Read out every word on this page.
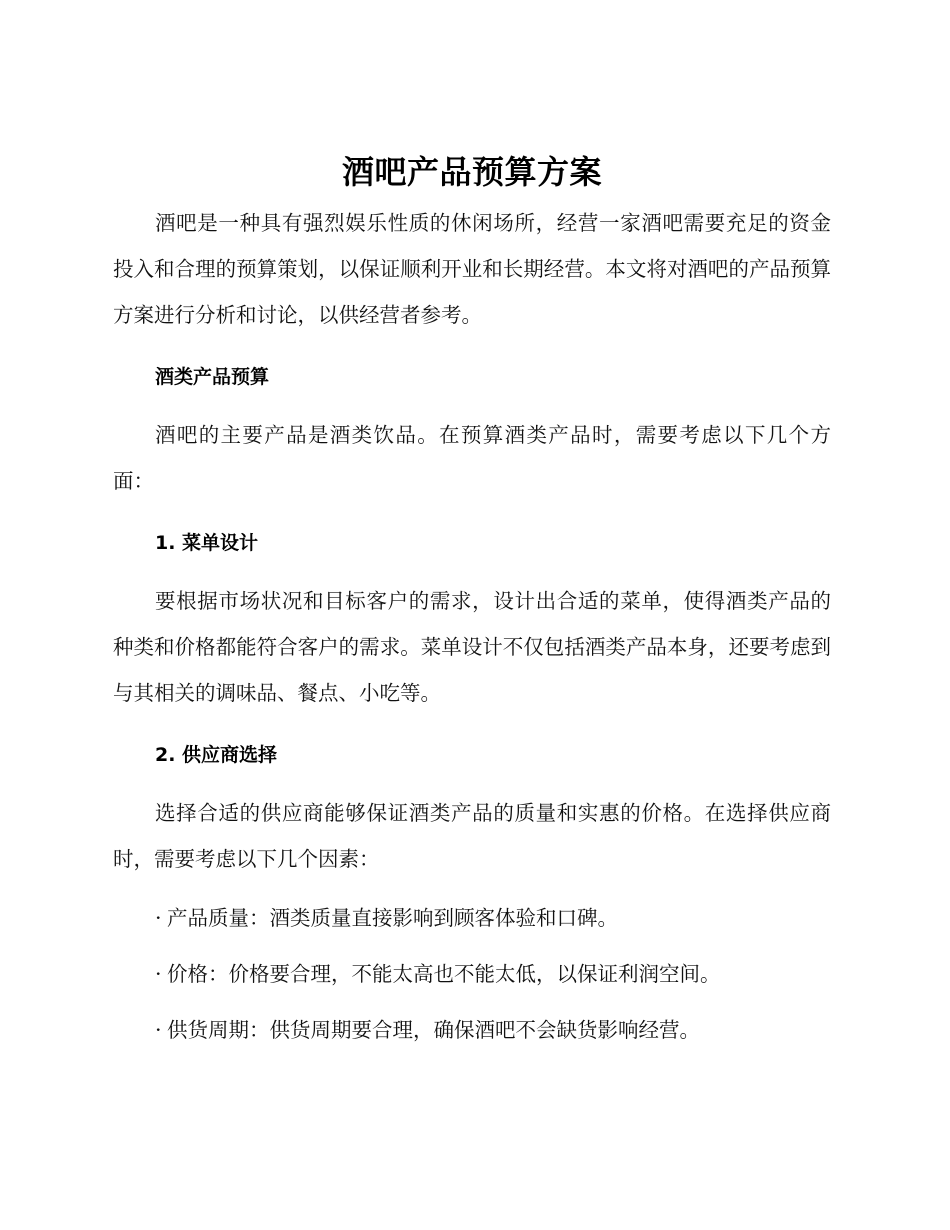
酒吧产品预算方案

酒吧是一种具有强烈娱乐性质的休闲场所，经营一家酒吧需要充足的资金投入和合理的预算策划，以保证顺利开业和长期经营。本文将对酒吧的产品预算方案进行分析和讨论，以供经营者参考。

酒类产品预算

酒吧的主要产品是酒类饮品。在预算酒类产品时，需要考虑以下几个方面：

1. 菜单设计

要根据市场状况和目标客户的需求，设计出合适的菜单，使得酒类产品的种类和价格都能符合客户的需求。菜单设计不仅包括酒类产品本身，还要考虑到与其相关的调味品、餐点、小吃等。

2. 供应商选择

选择合适的供应商能够保证酒类产品的质量和实惠的价格。在选择供应商时，需要考虑以下几个因素：

· 产品质量：酒类质量直接影响到顾客体验和口碑。
· 价格：价格要合理，不能太高也不能太低，以保证利润空间。
· 供货周期：供货周期要合理，确保酒吧不会缺货影响经营。
